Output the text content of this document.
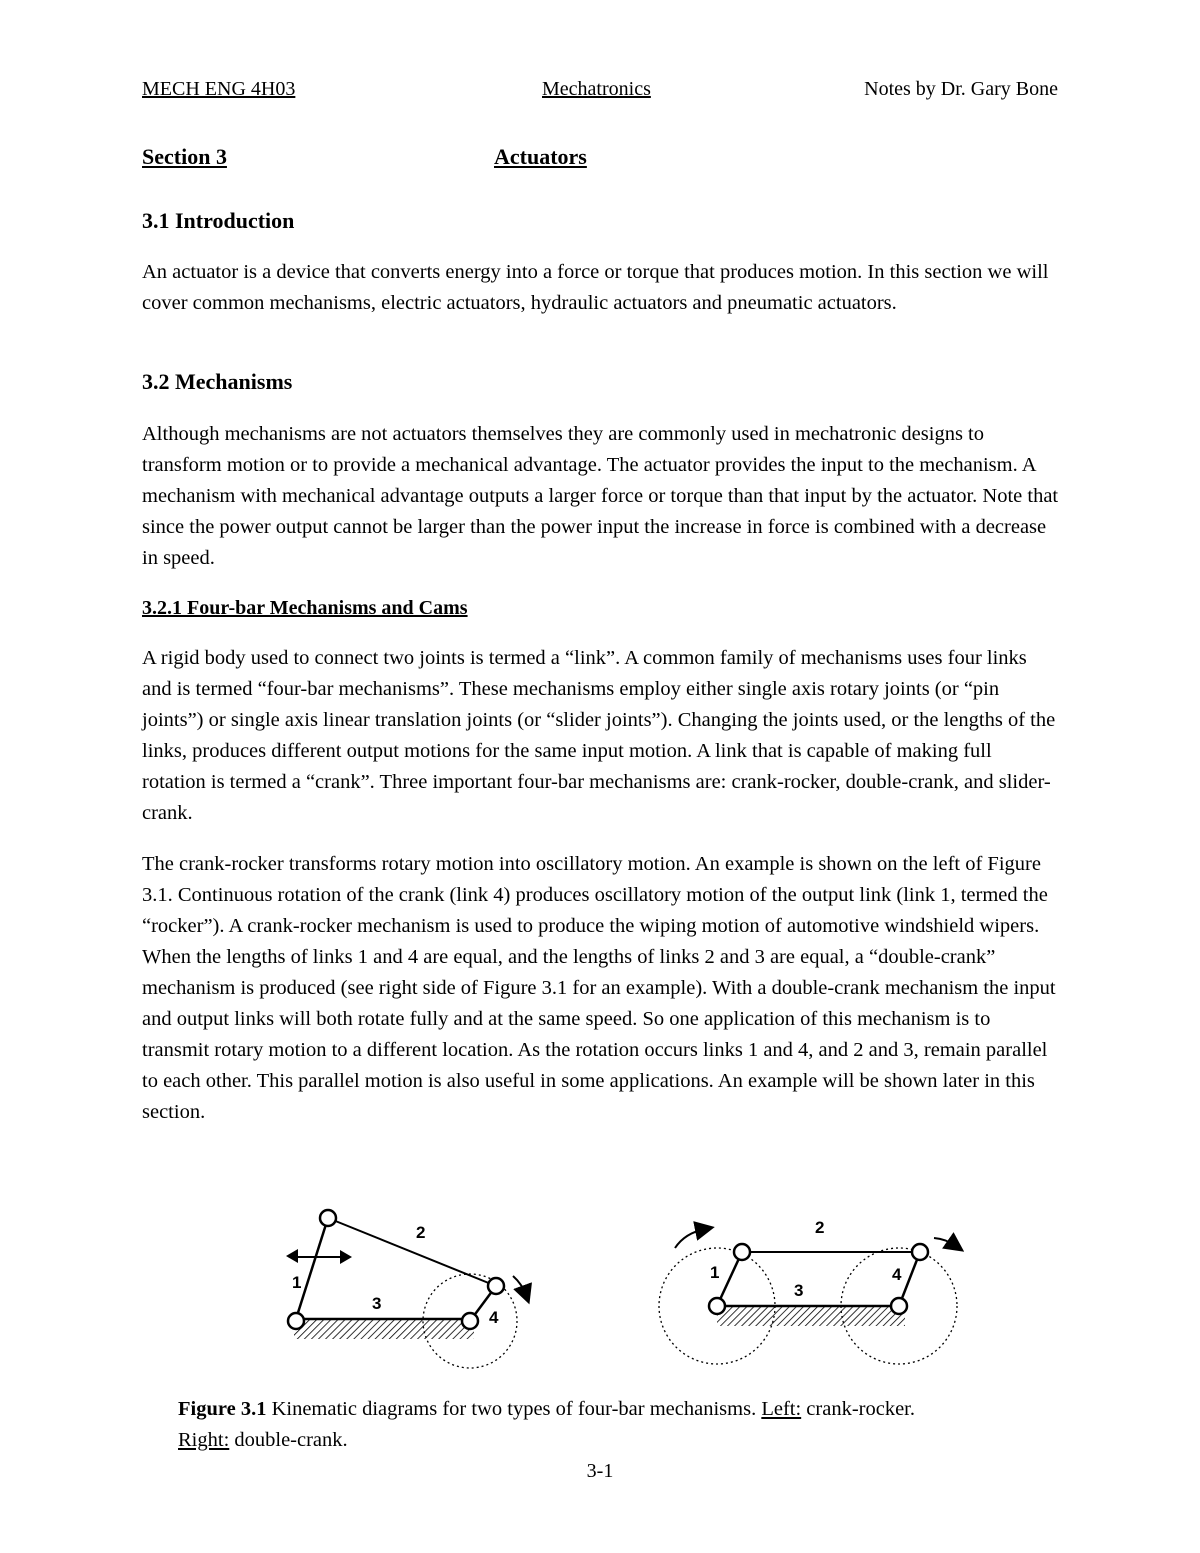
MECH ENG 4H03	Mechatronics	Notes by Dr. Gary Bone
Section 3	Actuators
3.1 Introduction
An actuator is a device that converts energy into a force or torque that produces motion. In this section we will cover common mechanisms, electric actuators, hydraulic actuators and pneumatic actuators.
3.2 Mechanisms
Although mechanisms are not actuators themselves they are commonly used in mechatronic designs to transform motion or to provide a mechanical advantage. The actuator provides the input to the mechanism. A mechanism with mechanical advantage outputs a larger force or torque than that input by the actuator. Note that since the power output cannot be larger than the power input the increase in force is combined with a decrease in speed.
3.2.1 Four-bar Mechanisms and Cams
A rigid body used to connect two joints is termed a “link”. A common family of mechanisms uses four links and is termed “four-bar mechanisms”. These mechanisms employ either single axis rotary joints (or “pin joints”) or single axis linear translation joints (or “slider joints”). Changing the joints used, or the lengths of the links, produces different output motions for the same input motion. A link that is capable of making full rotation is termed a “crank”. Three important four-bar mechanisms are: crank-rocker, double-crank, and slider-crank.
The crank-rocker transforms rotary motion into oscillatory motion. An example is shown on the left of Figure 3.1. Continuous rotation of the crank (link 4) produces oscillatory motion of the output link (link 1, termed the “rocker”). A crank-rocker mechanism is used to produce the wiping motion of automotive windshield wipers. When the lengths of links 1 and 4 are equal, and the lengths of links 2 and 3 are equal, a “double-crank” mechanism is produced (see right side of Figure 3.1 for an example). With a double-crank mechanism the input and output links will both rotate fully and at the same speed. So one application of this mechanism is to transmit rotary motion to a different location. As the rotation occurs links 1 and 4, and 2 and 3, remain parallel to each other. This parallel motion is also useful in some applications. An example will be shown later in this section.
1
2
3
4
1
2
3
4
Figure 3.1 Kinematic diagrams for two types of four-bar mechanisms. Left: crank-rocker.
Right: double-crank.
3-1
